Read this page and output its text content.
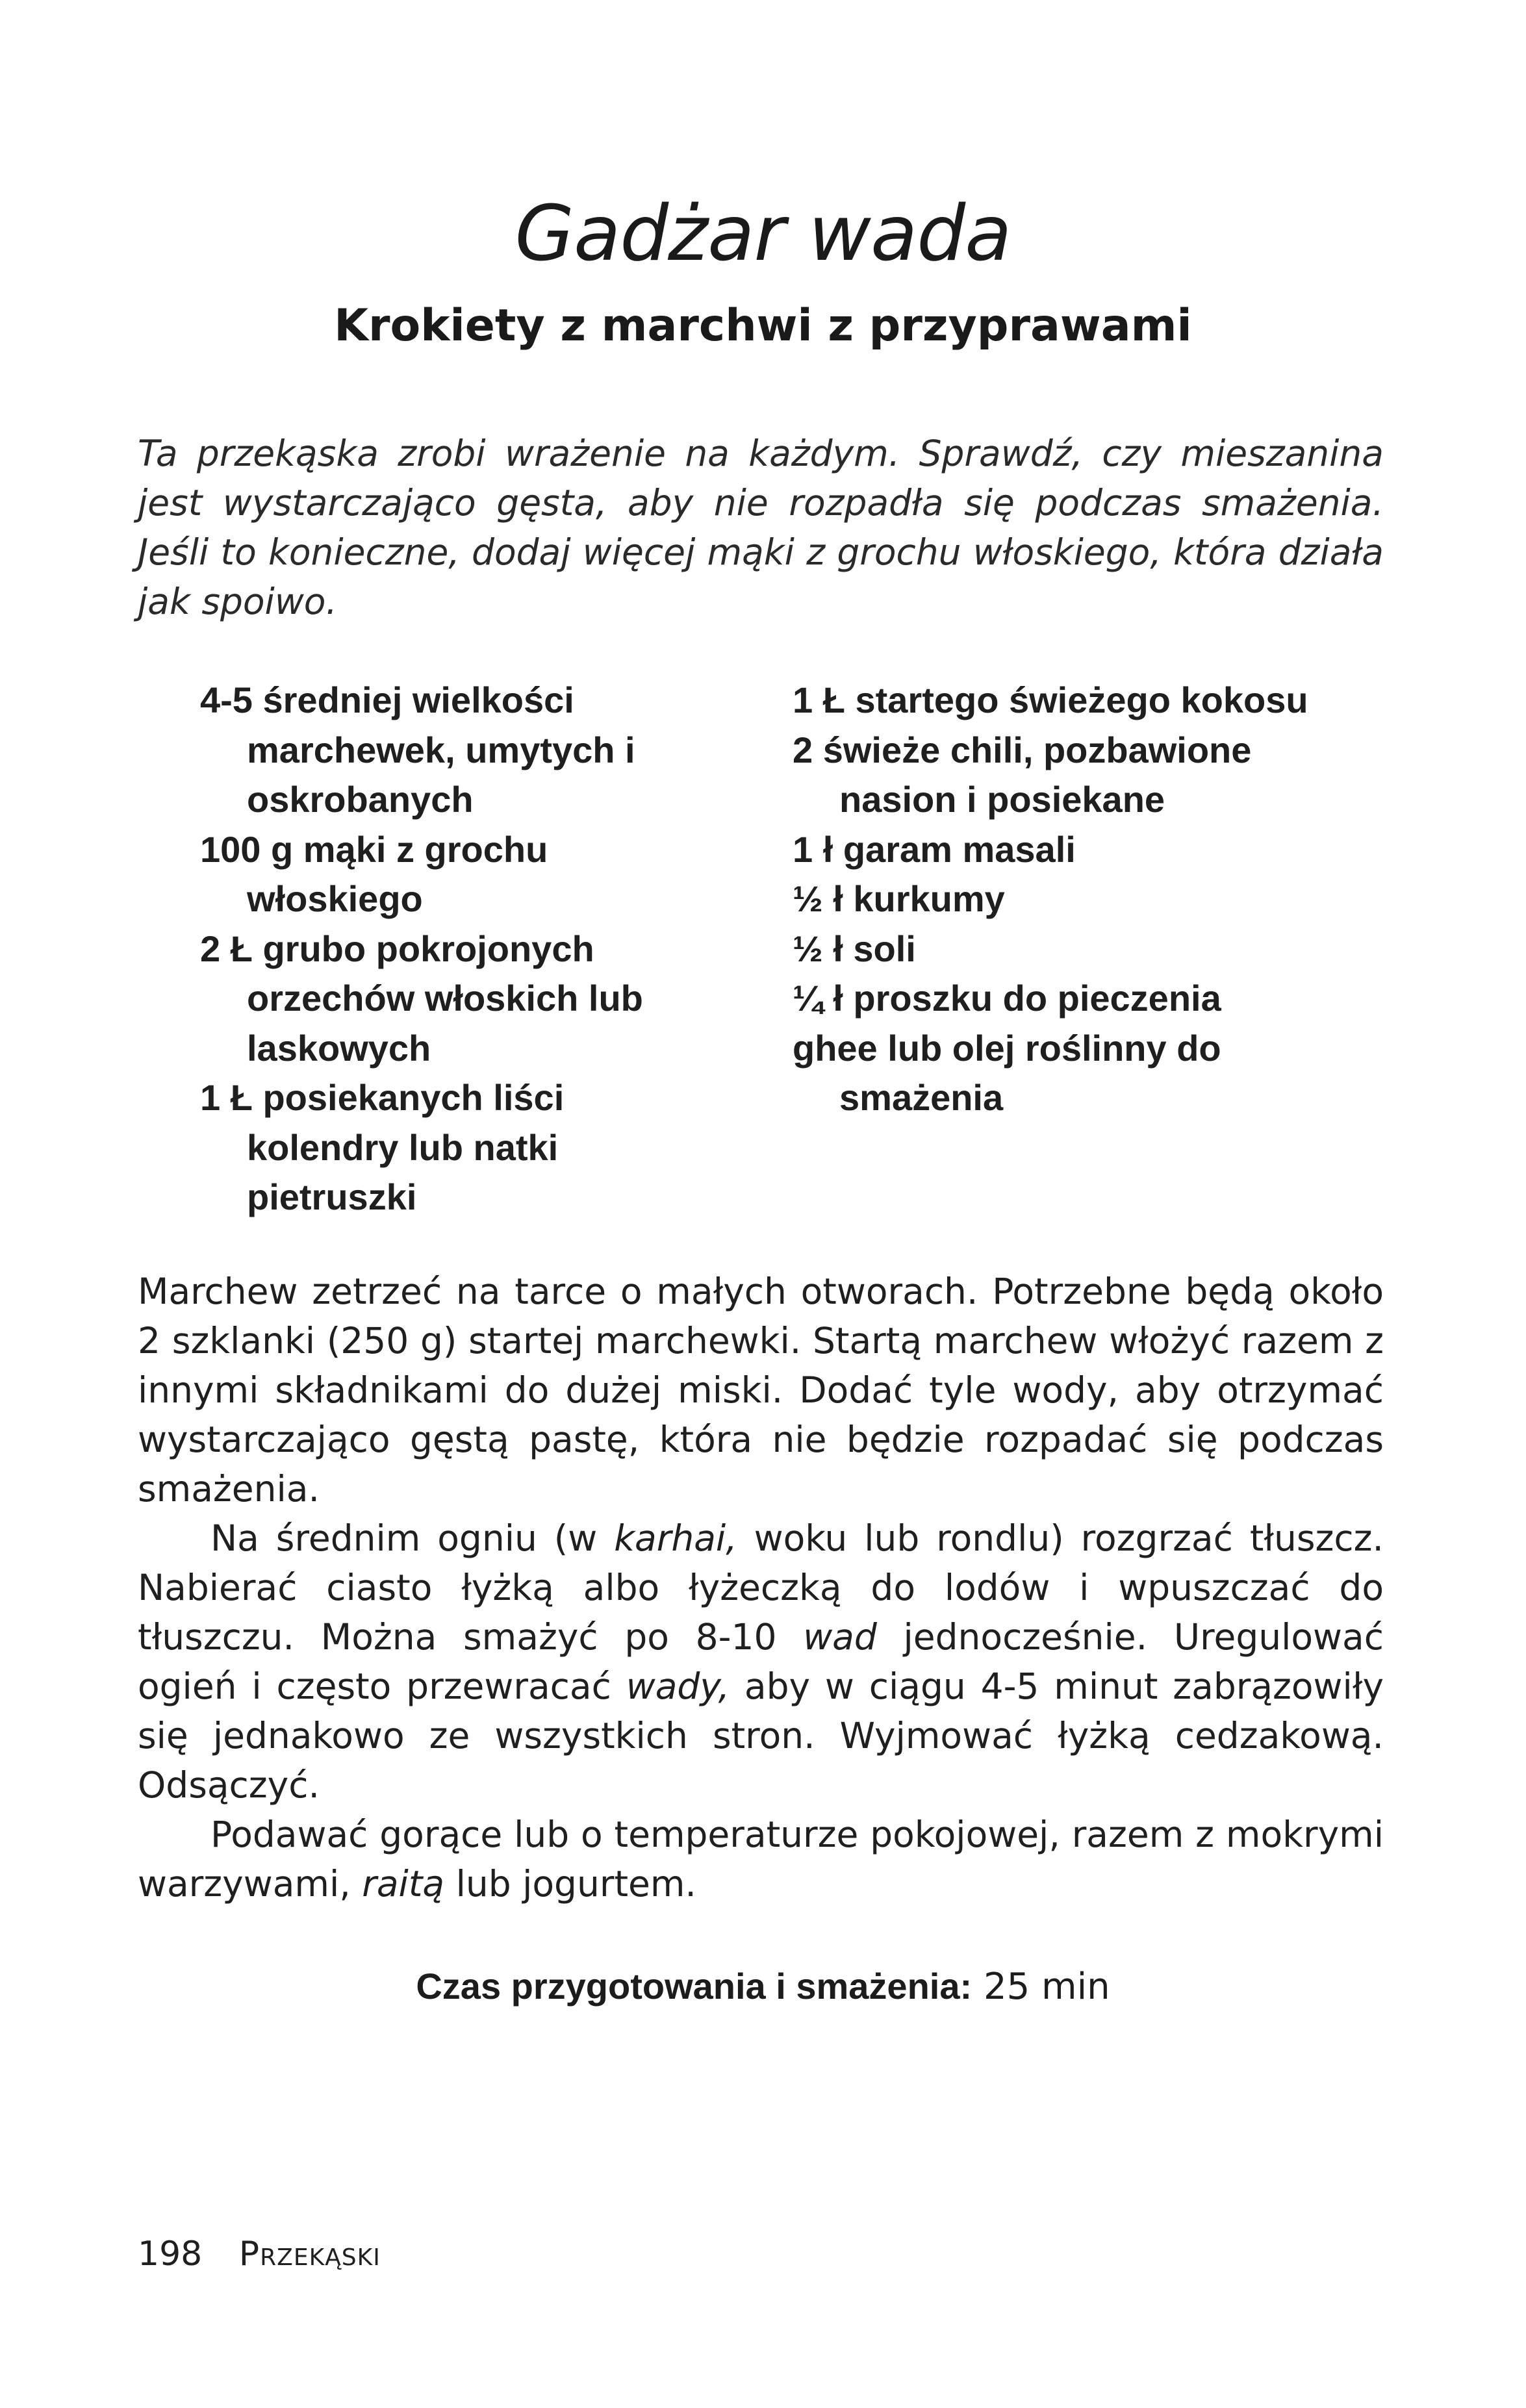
Gadżar wada
Krokiety z marchwi z przyprawami

Ta przekąska zrobi wrażenie na każdym. Sprawdź, czy mieszanina jest wystarczająco gęsta, aby nie rozpadła się podczas smażenia. Jeśli to konieczne, dodaj więcej mąki z grochu włoskiego, która działa jak spoiwo.

4-5 średniej wielkości marchewek, umytych i oskrobanych
100 g mąki z grochu włoskiego
2 Ł grubo pokrojonych orzechów włoskich lub laskowych
1 Ł posiekanych liści kolendry lub natki pietruszki
1 Ł startego świeżego kokosu
2 świeże chili, pozbawione nasion i posiekane
1 ł garam masali
½ ł kurkumy
½ ł soli
¼ ł proszku do pieczenia
ghee lub olej roślinny do smażenia

Marchew zetrzeć na tarce o małych otworach. Potrzebne będą około 2 szklanki (250 g) startej marchewki. Startą marchew włożyć razem z innymi składnikami do dużej miski. Dodać tyle wody, aby otrzymać wystarczająco gęstą pastę, która nie będzie rozpadać się podczas smażenia.

Na średnim ogniu (w karhai, woku lub rondlu) rozgrzać tłuszcz. Nabierać ciasto łyżką albo łyżeczką do lodów i wpuszczać do tłuszczu. Można smażyć po 8-10 wad jednocześnie. Uregulować ogień i często przewracać wady, aby w ciągu 4-5 minut zabrązowiły się jednakowo ze wszystkich stron. Wyjmować łyżką cedzakową. Odsączyć.

Podawać gorące lub o temperaturze pokojowej, razem z mokrymi warzywami, raitą lub jogurtem.

Czas przygotowania i smażenia: 25 min

198 Przekąski
